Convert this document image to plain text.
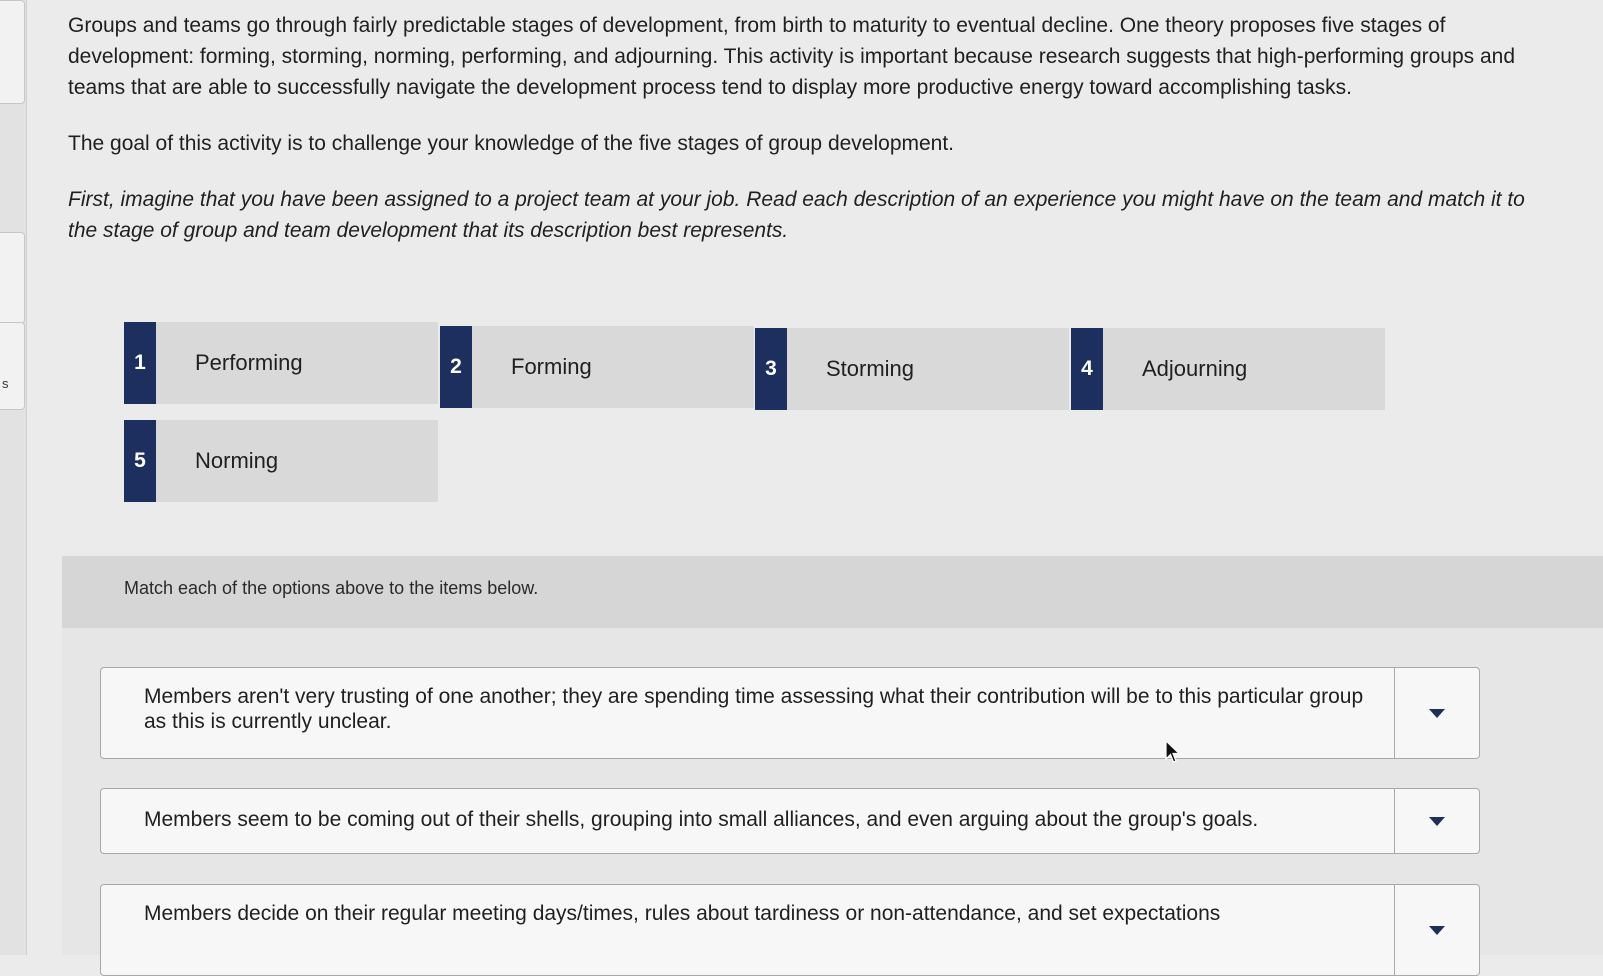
s

Groups and teams go through fairly predictable stages of development, from birth to maturity to eventual decline. One theory proposes five stages of development: forming, storming, norming, performing, and adjourning. This activity is important because research suggests that high-performing groups and teams that are able to successfully navigate the development process tend to display more productive energy toward accomplishing tasks.

The goal of this activity is to challenge your knowledge of the five stages of group development.

First, imagine that you have been assigned to a project team at your job. Read each description of an experience you might have on the team and match it to the stage of group and team development that its description best represents.

1	Performing	2	Forming	3	Storming	4	Adjourning
5	Norming
Match each of the options above to the items below.
Members aren't very trusting of one another; they are spending time assessing what their contribution will be to this particular group as this is currently unclear.
Members seem to be coming out of their shells, grouping into small alliances, and even arguing about the group's goals.
Members decide on their regular meeting days/times, rules about tardiness or non-attendance, and set expectations
